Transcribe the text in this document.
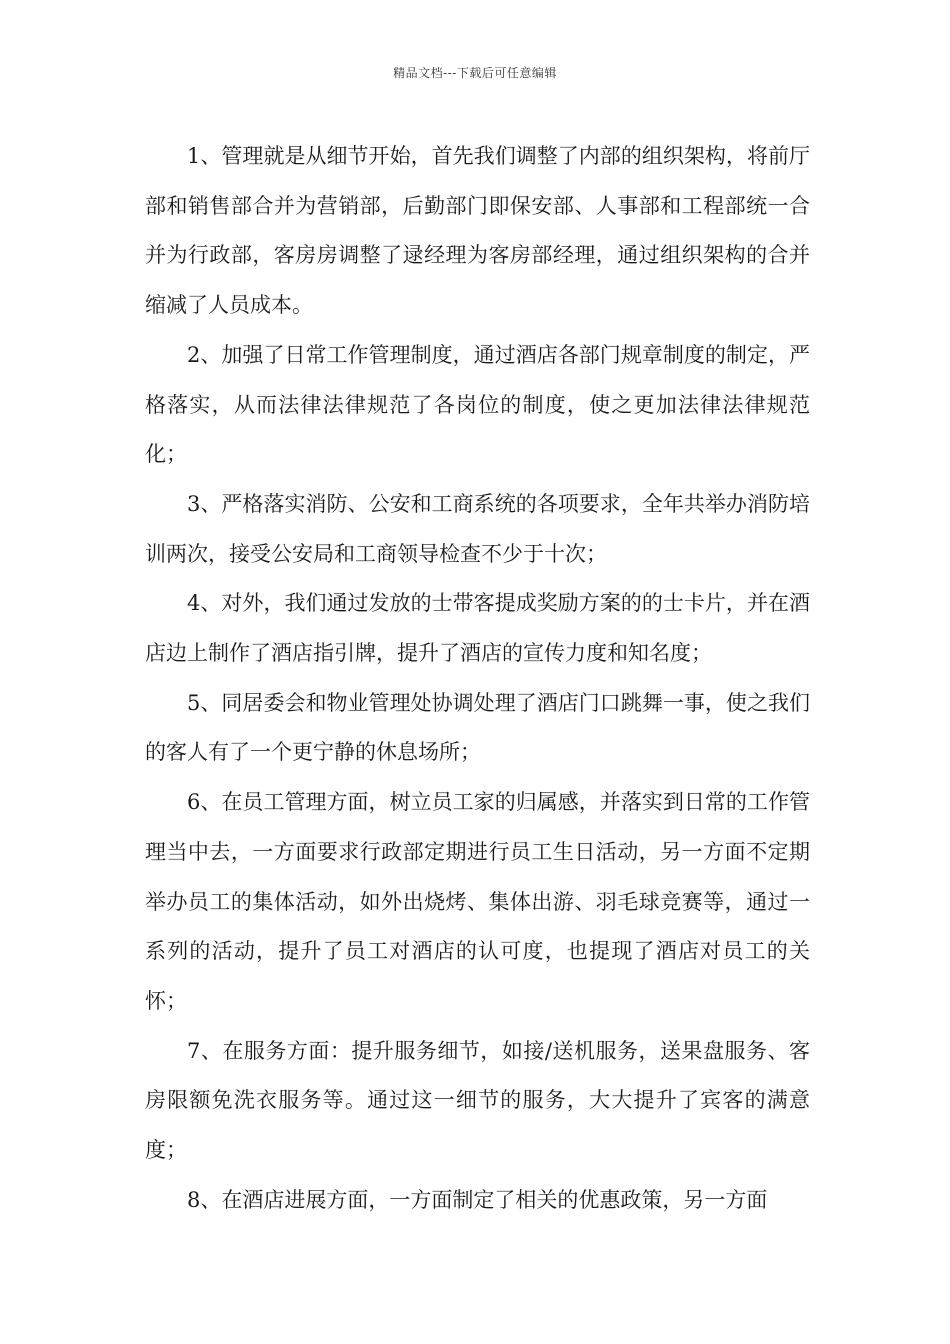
精品文档---下载后可任意编辑

1、管理就是从细节开始，首先我们调整了内部的组织架构，将前厅部和销售部合并为营销部，后勤部门即保安部、人事部和工程部统一合并为行政部，客房房调整了逯经理为客房部经理，通过组织架构的合并缩减了人员成本。

2、加强了日常工作管理制度，通过酒店各部门规章制度的制定，严格落实，从而法律法律规范了各岗位的制度，使之更加法律法律规范化；

3、严格落实消防、公安和工商系统的各项要求，全年共举办消防培训两次，接受公安局和工商领导检查不少于十次；

4、对外，我们通过发放的士带客提成奖励方案的的士卡片，并在酒店边上制作了酒店指引牌，提升了酒店的宣传力度和知名度；

5、同居委会和物业管理处协调处理了酒店门口跳舞一事，使之我们的客人有了一个更宁静的休息场所；

6、在员工管理方面，树立员工家的归属感，并落实到日常的工作管理当中去，一方面要求行政部定期进行员工生日活动，另一方面不定期举办员工的集体活动，如外出烧烤、集体出游、羽毛球竞赛等，通过一系列的活动，提升了员工对酒店的认可度，也提现了酒店对员工的关怀；

7、在服务方面：提升服务细节，如接/送机服务，送果盘服务、客房限额免洗衣服务等。通过这一细节的服务，大大提升了宾客的满意度；

8、在酒店进展方面，一方面制定了相关的优惠政策，另一方面
